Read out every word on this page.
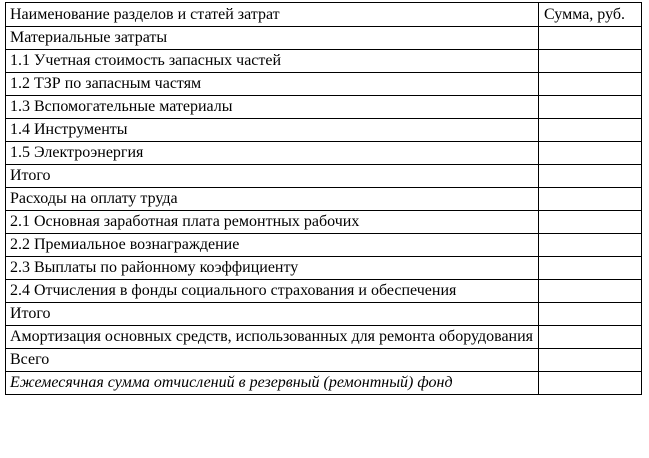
Наименование разделов и статей затрат	Сумма, руб.
Материальные затраты	
1.1 Учетная стоимость запасных частей	
1.2 ТЗР по запасным частям	
1.3 Вспомогательные материалы	
1.4 Инструменты	
1.5 Электроэнергия	
Итого	
Расходы на оплату труда	
2.1 Основная заработная плата ремонтных рабочих	
2.2 Премиальное вознаграждение	
2.3 Выплаты по районному коэффициенту	
2.4 Отчисления в фонды социального страхования и обеспечения	
Итого	
Амортизация основных средств, использованных для ремонта оборудования	
Всего	
Ежемесячная сумма отчислений в резервный (ремонтный) фонд	
